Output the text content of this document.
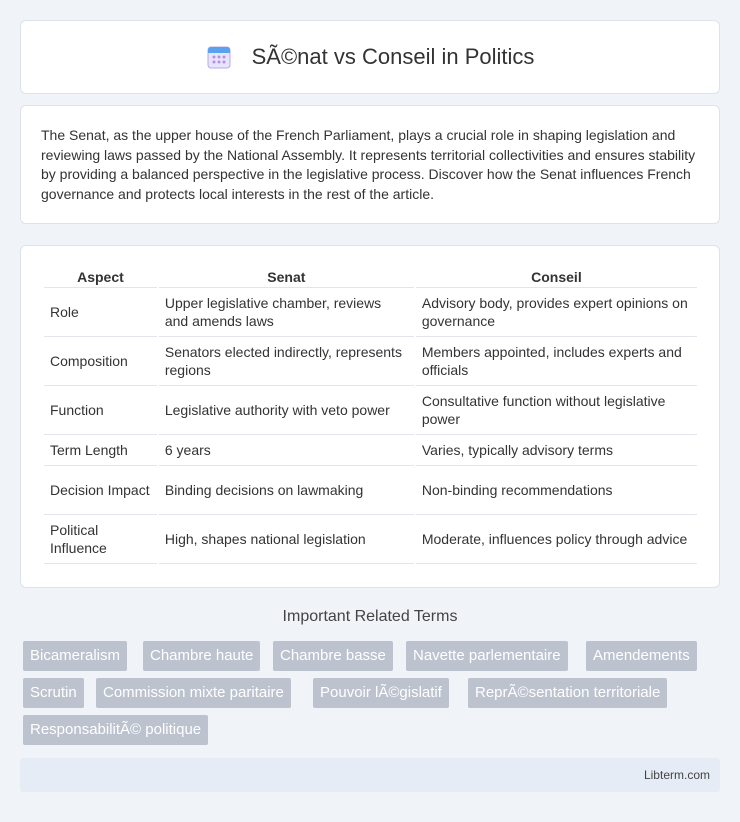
SÃ©nat vs Conseil in Politics

The Senat, as the upper house of the French Parliament, plays a crucial role in shaping legislation and reviewing laws passed by the National Assembly. It represents territorial collectivities and ensures stability by providing a balanced perspective in the legislative process. Discover how the Senat influences French governance and protects local interests in the rest of the article.

Aspect	Senat	Conseil
Role	Upper legislative chamber, reviews and amends laws	Advisory body, provides expert opinions on governance
Composition	Senators elected indirectly, represents regions	Members appointed, includes experts and officials
Function	Legislative authority with veto power	Consultative function without legislative power
Term Length	6 years	Varies, typically advisory terms
Decision Impact	Binding decisions on lawmaking	Non-binding recommendations
Political Influence	High, shapes national legislation	Moderate, influences policy through advice
Important Related Terms
Bicameralism	Chambre haute	Chambre basse	Navette parlementaire	Amendements
Scrutin	Commission mixte paritaire	Pouvoir lÃ©gislatif	ReprÃ©sentation territoriale
ResponsabilitÃ© politique
Libterm.com
